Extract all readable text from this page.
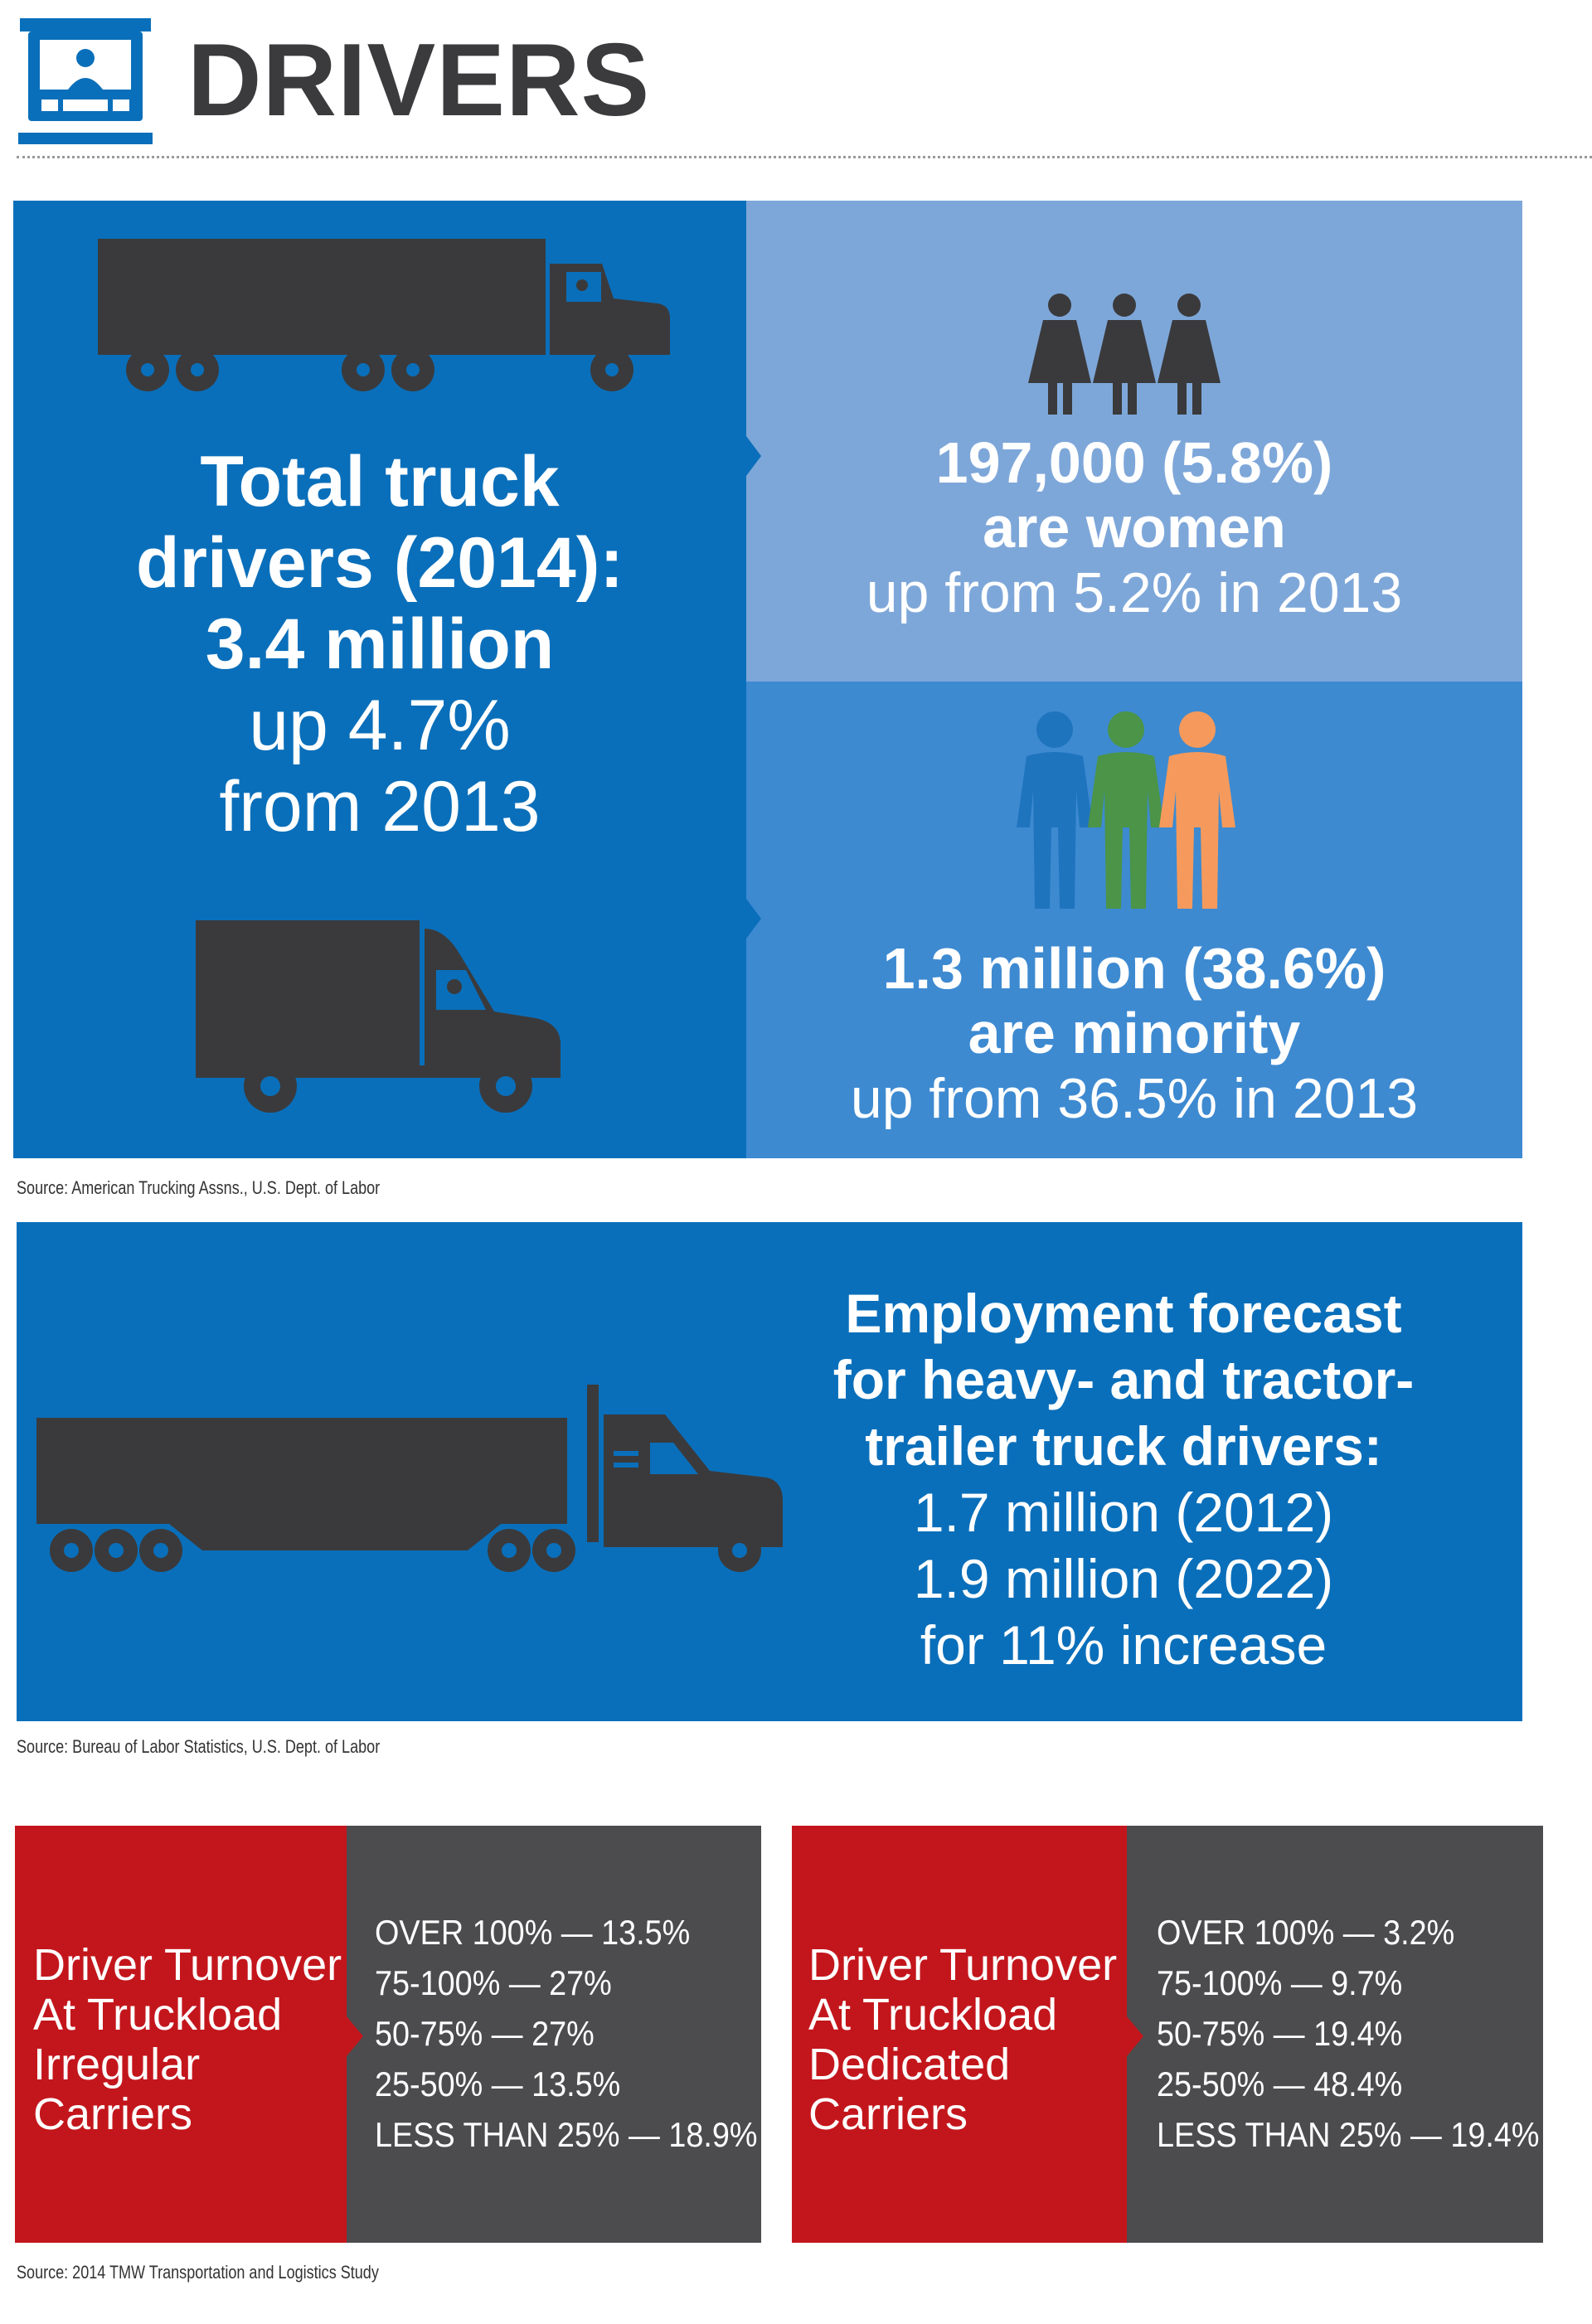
DRIVERS
Total truck
drivers (2014):
3.4 million
up 4.7%
from 2013
197,000 (5.8%)
are women
up from 5.2% in 2013
1.3 million (38.6%)
are minority
up from 36.5% in 2013
Source: American Trucking Assns., U.S. Dept. of Labor
Employment forecast
for heavy- and tractor-
trailer truck drivers:
1.7 million (2012)
1.9 million (2022)
for 11% increase
Source: Bureau of Labor Statistics, U.S. Dept. of Labor
Driver Turnover
At Truckload
Irregular
Carriers
OVER 100% — 13.5%
75-100% — 27%
50-75% — 27%
25-50% — 13.5%
LESS THAN 25% — 18.9%
Driver Turnover
At Truckload
Dedicated
Carriers
OVER 100% — 3.2%
75-100% — 9.7%
50-75% — 19.4%
25-50% — 48.4%
LESS THAN 25% — 19.4%
Source: 2014 TMW Transportation and Logistics Study
